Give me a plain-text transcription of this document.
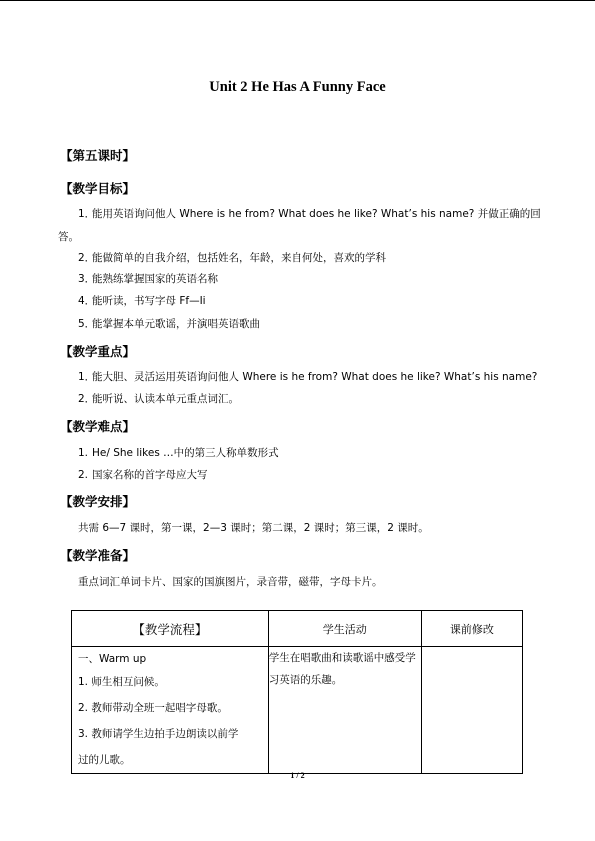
Unit 2 He Has A Funny Face
【第五课时】
【教学目标】
1．能用英语询问他人 Where is he from? What does he like? What’s his name? 并做正确的回
答。
2．能做简单的自我介绍，包括姓名，年龄，来自何处，喜欢的学科
3．能熟练掌握国家的英语名称
4．能听读，书写字母 Ff—Ii
5．能掌握本单元歌谣，并演唱英语歌曲
【教学重点】
1．能大胆、灵活运用英语询问他人 Where is he from? What does he like? What’s his name?
2．能听说、认读本单元重点词汇。
【教学难点】
1. He/ She likes …中的第三人称单数形式
2. 国家名称的首字母应大写
【教学安排】
共需 6—7 课时，第一课，2—3 课时；第二课，2 课时；第三课，2 课时。
【教学准备】
重点词汇单词卡片、国家的国旗图片，录音带，磁带，字母卡片。
【教学流程】	学生活动	课前修改

一、Warm up
1. 师生相互问候。
2. 教师带动全班一起唱字母歌。
3. 教师请学生边拍手边朗读以前学
过的儿歌。	学生在唱歌曲和读歌谣中感受学习英语的乐趣。	
1 / 2
